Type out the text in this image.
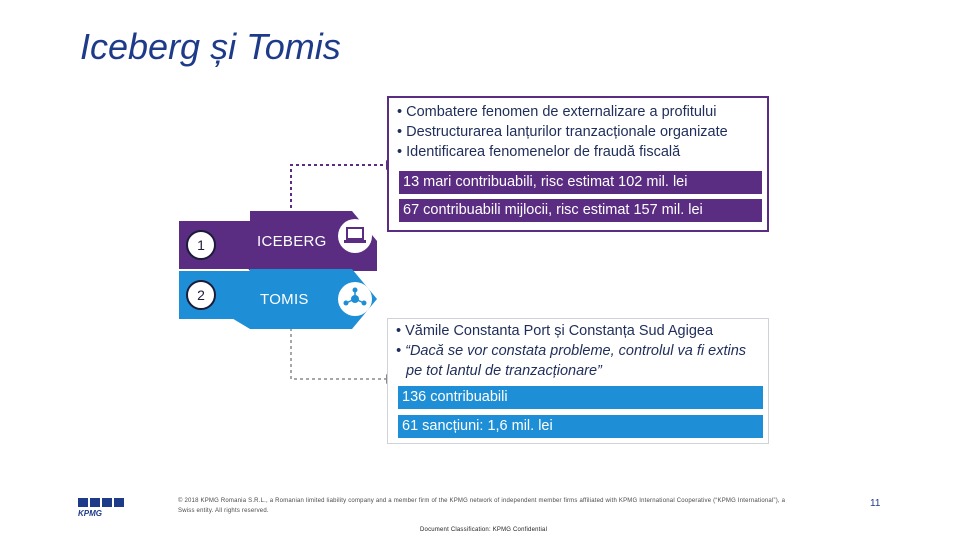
Iceberg și Tomis
• Combatere fenomen de externalizare a profitului
• Destructurarea lanțurilor tranzacționale organizate
• Identificarea fenomenelor de fraudă fiscală
13 mari contribuabili, risc estimat 102 mil. lei
67 contribuabili mijlocii, risc estimat 157 mil. lei
1	ICEBERG
2	TOMIS
• Vămile Constanta Port și Constanța Sud Agigea
• “Dacă se vor constata probleme, controlul va fi extins pe tot lantul de tranzacționare”
136 contribuabili
61 sancțiuni: 1,6 mil. lei
KPMG
© 2018 KPMG Romania S.R.L., a Romanian limited liability company and a member firm of the KPMG network of independent member firms affiliated with KPMG International Cooperative (“KPMG International”), a Swiss entity. All rights reserved.
Document Classification: KPMG Confidential
11
